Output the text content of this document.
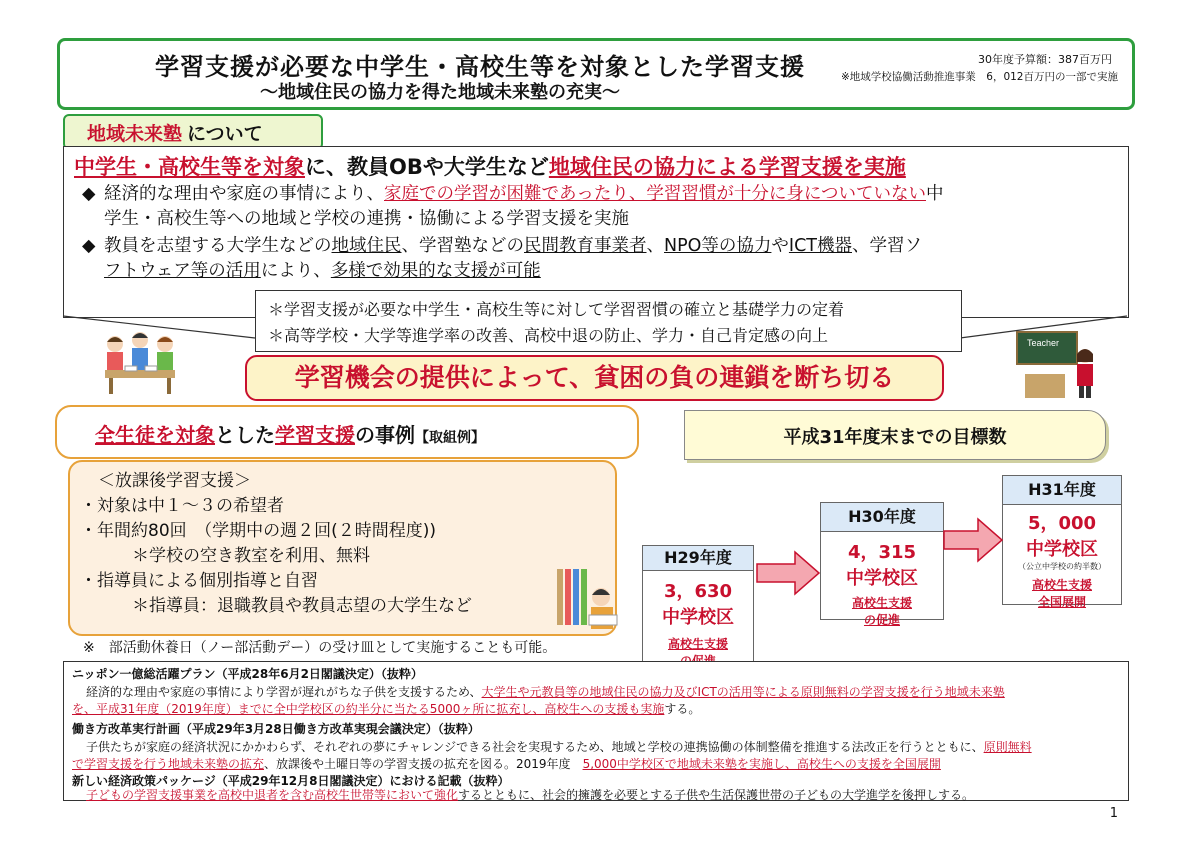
学習支援が必要な中学生・高校生等を対象とした学習支援
～地域住民の協力を得た地域未来塾の充実～
30年度予算額：387百万円
※地域学校協働活動推進事業　6，012百万円の一部で実施
地域未来塾 について
中学生・高校生等を対象に、教員OBや大学生など地域住民の協力による学習支援を実施
◆ 経済的な理由や家庭の事情により、家庭での学習が困難であったり、学習習慣が十分に身についていない中
学生・高校生等への地域と学校の連携・協働による学習支援を実施
◆ 教員を志望する大学生などの地域住民、学習塾などの民間教育事業者、NPO等の協力やICT機器、学習ソ
フトウェア等の活用により、多様で効果的な支援が可能
＊学習支援が必要な中学生・高校生等に対して学習習慣の確立と基礎学力の定着
＊高等学校・大学等進学率の改善、高校中退の防止、学力・自己肯定感の向上
学習機会の提供によって、貧困の負の連鎖を断ち切る
Teacher
全生徒を対象とした学習支援の事例【取組例】
＜放課後学習支援＞
・対象は中１～３の希望者
・年間約80回　（学期中の週２回(２時間程度))
＊学校の空き教室を利用、無料
・指導員による個別指導と自習
＊指導員：退職教員や教員志望の大学生など
※　部活動休養日（ノー部活動デー）の受け皿として実施することも可能。
平成31年度末までの目標数
H29年度
3，630
中学校区
高校生支援
H30年度
4，315
中学校区
高校生支援
の促進
H31年度
5，000
中学校区
（公立中学校の約半数）
高校生支援
全国展開
ニッポン一億総活躍プラン（平成28年6月2日閣議決定）（抜粋）
経済的な理由や家庭の事情により学習が遅れがちな子供を支援するため、大学生や元教員等の地域住民の協力及びICTの活用等による原則無料の学習支援を行う地域未来塾
を、平成31年度（2019年度）までに全中学校区の約半分に当たる5000ヶ所に拡充し、高校生への支援も実施する。
働き方改革実行計画（平成29年3月28日働き方改革実現会議決定）（抜粋）
子供たちが家庭の経済状況にかかわらず、それぞれの夢にチャレンジできる社会を実現するため、地域と学校の連携協働の体制整備を推進する法改正を行うとともに、原則無料
で学習支援を行う地域未来塾の拡充、放課後や土曜日等の学習支援の拡充を図る。2019年度　5,000中学校区で地域未来塾を実施し、高校生への支援を全国展開
新しい経済政策パッケージ（平成29年12月8日閣議決定）における記載（抜粋）
子どもの学習支援事業を高校中退者を含む高校生世帯等において強化するとともに、社会的擁護を必要とする子供や生活保護世帯の子どもの大学進学を後押しする。
1
